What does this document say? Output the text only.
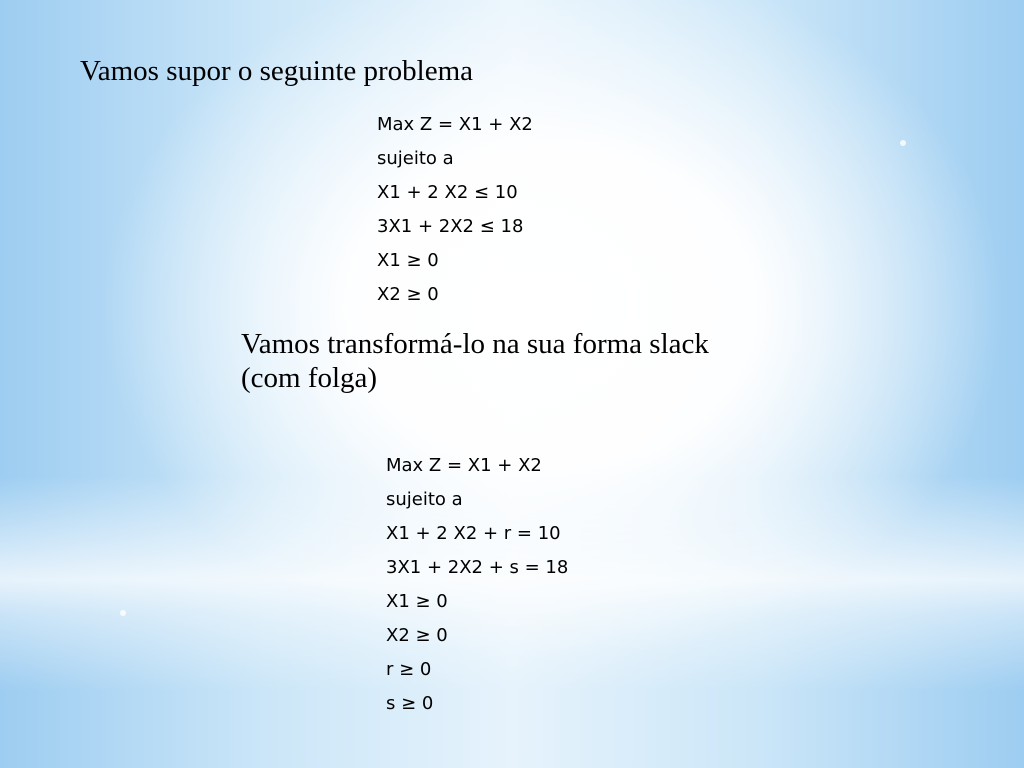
Vamos supor o seguinte problema
Max Z = X1 + X2
sujeito a
X1 + 2 X2 ≤ 10
3X1 + 2X2 ≤ 18
X1 ≥ 0
X2 ≥ 0
Vamos transformá-lo na sua forma slack (com folga)
Max Z = X1 + X2
sujeito a
X1 + 2 X2 + r = 10
3X1 + 2X2 + s = 18
X1 ≥ 0
X2 ≥ 0
r ≥ 0
s ≥ 0
